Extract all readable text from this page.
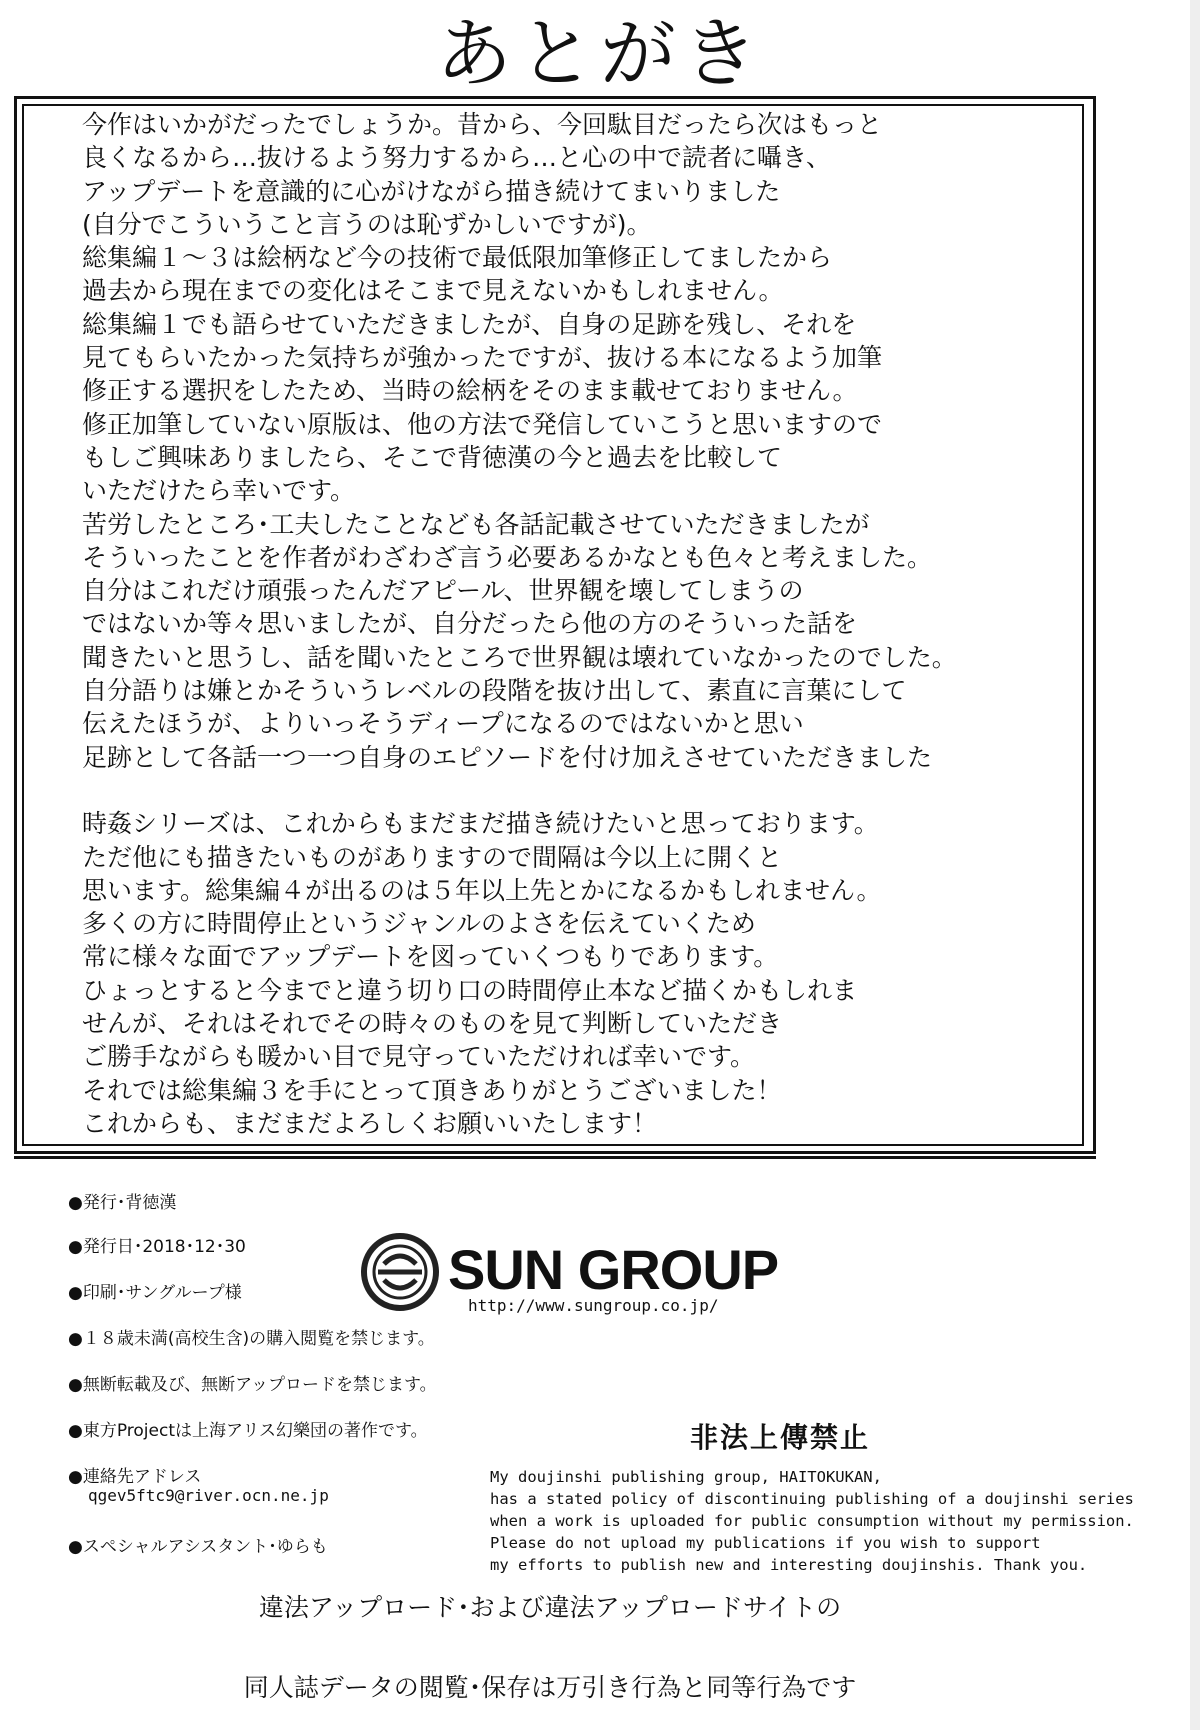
あとがき
今作はいかがだったでしょうか。昔から、今回駄目だったら次はもっと
良くなるから…抜けるよう努力するから…と心の中で読者に囁き、
アップデートを意識的に心がけながら描き続けてまいりました
(自分でこういうこと言うのは恥ずかしいですが)。
総集編１～３は絵柄など今の技術で最低限加筆修正してましたから
過去から現在までの変化はそこまで見えないかもしれません。
総集編１でも語らせていただきましたが、自身の足跡を残し、それを
見てもらいたかった気持ちが強かったですが、抜ける本になるよう加筆
修正する選択をしたため、当時の絵柄をそのまま載せておりません。
修正加筆していない原版は、他の方法で発信していこうと思いますので
もしご興味ありましたら、そこで背徳漢の今と過去を比較して
いただけたら幸いです。
苦労したところ･工夫したことなども各話記載させていただきましたが
そういったことを作者がわざわざ言う必要あるかなとも色々と考えました。
自分はこれだけ頑張ったんだアピール、世界観を壊してしまうの
ではないか等々思いましたが、自分だったら他の方のそういった話を
聞きたいと思うし、話を聞いたところで世界観は壊れていなかったのでした。
自分語りは嫌とかそういうレベルの段階を抜け出して、素直に言葉にして
伝えたほうが、よりいっそうディープになるのではないかと思い
足跡として各話一つ一つ自身のエピソードを付け加えさせていただきました
時姦シリーズは、これからもまだまだ描き続けたいと思っております。
ただ他にも描きたいものがありますので間隔は今以上に開くと
思います。総集編４が出るのは５年以上先とかになるかもしれません。
多くの方に時間停止というジャンルのよさを伝えていくため
常に様々な面でアップデートを図っていくつもりであります。
ひょっとすると今までと違う切り口の時間停止本など描くかもしれま
せんが、それはそれでその時々のものを見て判断していただき
ご勝手ながらも暖かい目で見守っていただければ幸いです。
それでは総集編３を手にとって頂きありがとうございました！
これからも、まだまだよろしくお願いいたします！
●発行･背徳漢
●発行日･2018･12･30
●印刷･サングループ様
●１８歳未満(高校生含)の購入閲覧を禁じます。
●無断転載及び、無断アップロードを禁じます。
●東方Projectは上海アリス幻樂団の著作です。
●連絡先アドレス
qgev5ftc9@river.ocn.ne.jp
●スペシャルアシスタント･ゆらも
SUN GROUP
http://www.sungroup.co.jp/
非法上傳禁止
My doujinshi publishing group, HAITOKUKAN,
has a stated policy of discontinuing publishing of a doujinshi series
when a work is uploaded for public consumption without my permission.
Please do not upload my publications if you wish to support
my efforts to publish new and interesting doujinshis. Thank you.
違法アップロード･および違法アップロードサイトの
同人誌データの閲覧･保存は万引き行為と同等行為です
